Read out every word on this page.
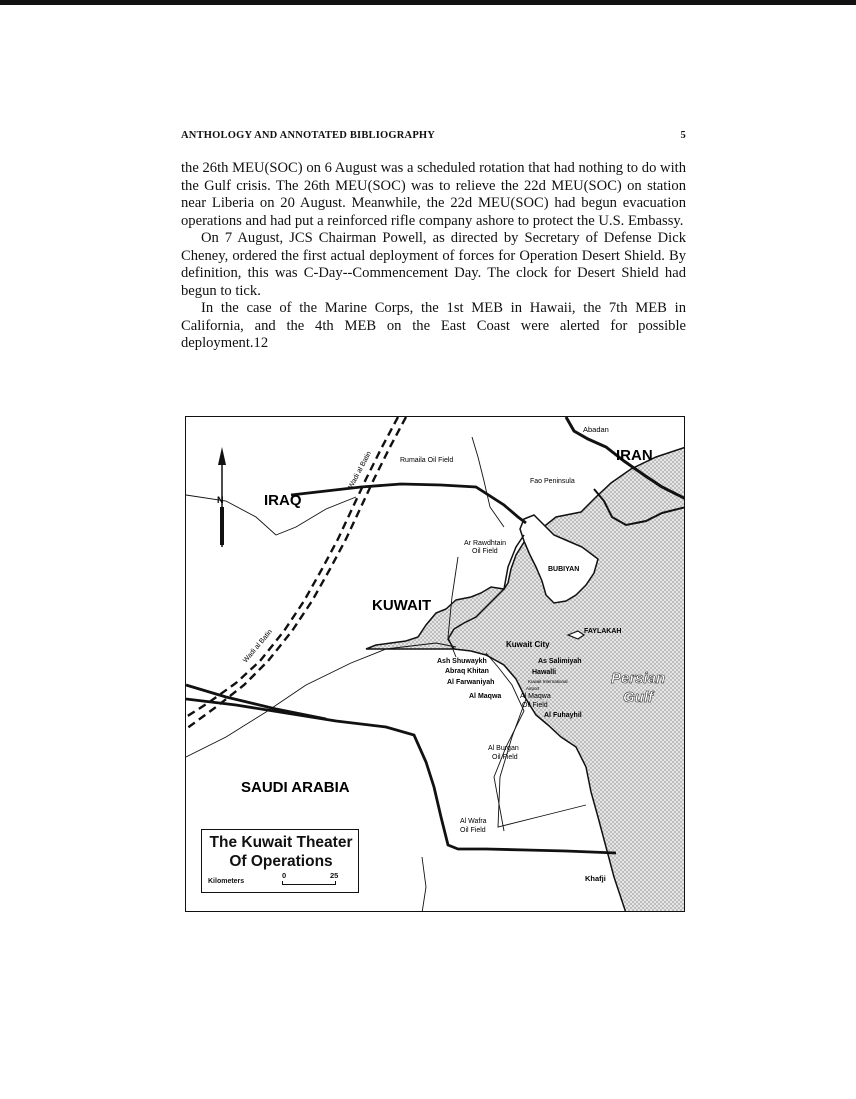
ANTHOLOGY AND ANNOTATED BIBLIOGRAPHY	5

the 26th MEU(SOC) on 6 August was a scheduled rotation that had nothing to do with the Gulf crisis. The 26th MEU(SOC) was to relieve the 22d MEU(SOC) on station near Liberia on 20 August. Meanwhile, the 22d MEU(SOC) had begun evacuation operations and had put a reinforced rifle company ashore to protect the U.S. Embassy.

On 7 August, JCS Chairman Powell, as directed by Secretary of Defense Dick Cheney, ordered the first actual deployment of forces for Operation Desert Shield. By definition, this was C-Day--Commencement Day. The clock for Desert Shield had begun to tick.

In the case of the Marine Corps, the 1st MEB in Hawaii, the 7th MEB in California, and the 4th MEB on the East Coast were alerted for possible deployment.12

N	IRAQ
KUWAIT
SAUDI ARABIA
IRAN
Persian
Gulf
Abadan
Rumaila Oil Field
Fao Peninsula
Ar Rawdhtain
Oil Field
BUBIYAN
Kuwait City
FAYLAKAH
Ash Shuwaykh	As Salimiyah
Abraq Khitan	Hawalli
Al Farwaniyah	Kuwait International
Airport
Al Maqwa	Al Maqwa
Oil Field
Al Fuhayhil
Al Burgan
Oil Field
Al Wafra
Oil Field
Khafji
Wadi al Batin
Wadi al Batin
The Kuwait Theater
Of Operations
Kilometers
0	25
